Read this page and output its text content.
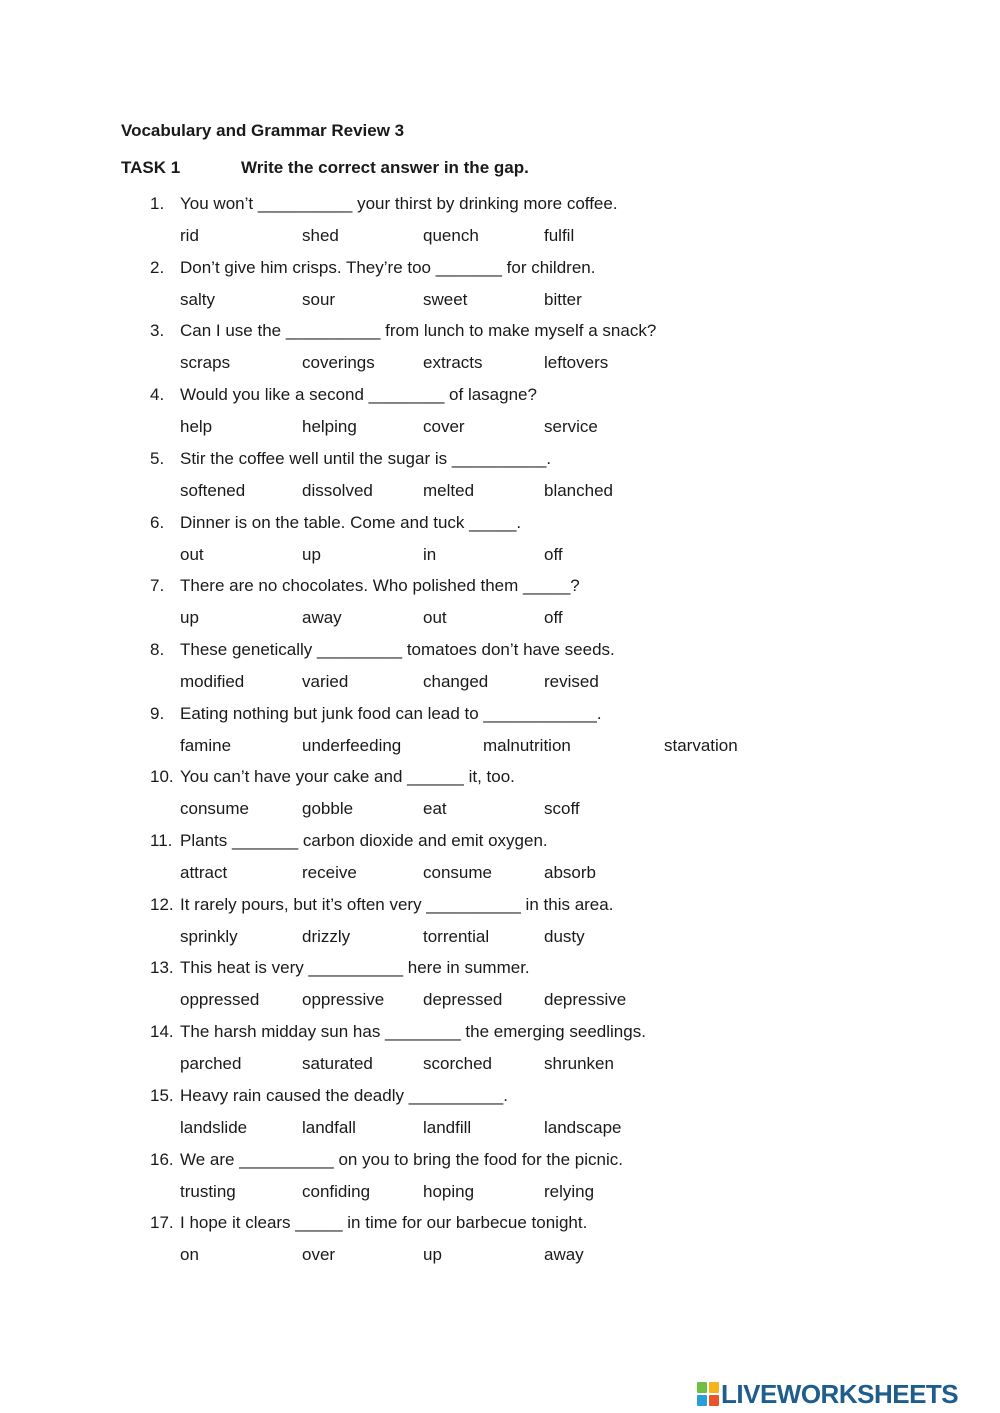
Vocabulary and Grammar Review 3
TASK 1	Write the correct answer in the gap.
1. You won’t __________ your thirst by drinking more coffee.
rid	shed	quench	fulfil
2. Don’t give him crisps. They’re too _______ for children.
salty	sour	sweet	bitter
3. Can I use the __________ from lunch to make myself a snack?
scraps	coverings	extracts	leftovers
4. Would you like a second ________ of lasagne?
help	helping	cover	service
5. Stir the coffee well until the sugar is __________.
softened	dissolved	melted	blanched
6. Dinner is on the table. Come and tuck _____.
out	up	in	off
7. There are no chocolates. Who polished them _____?
up	away	out	off
8. These genetically _________ tomatoes don’t have seeds.
modified	varied	changed	revised
9. Eating nothing but junk food can lead to ____________.
famine	underfeeding	malnutrition	starvation
10. You can’t have your cake and ______ it, too.
consume	gobble	eat	scoff
11. Plants _______ carbon dioxide and emit oxygen.
attract	receive	consume	absorb
12. It rarely pours, but it’s often very __________ in this area.
sprinkly	drizzly	torrential	dusty
13. This heat is very __________ here in summer.
oppressed	oppressive depressed depressive
14. The harsh midday sun has ________ the emerging seedlings.
parched	saturated	scorched	shrunken
15. Heavy rain caused the deadly __________.
landslide	landfall	landfill	landscape
16. We are __________ on you to bring the food for the picnic.
trusting	confiding	hoping	relying
17. I hope it clears _____ in time for our barbecue tonight.
on	over	up	away
LIVEWORKSHEETS
